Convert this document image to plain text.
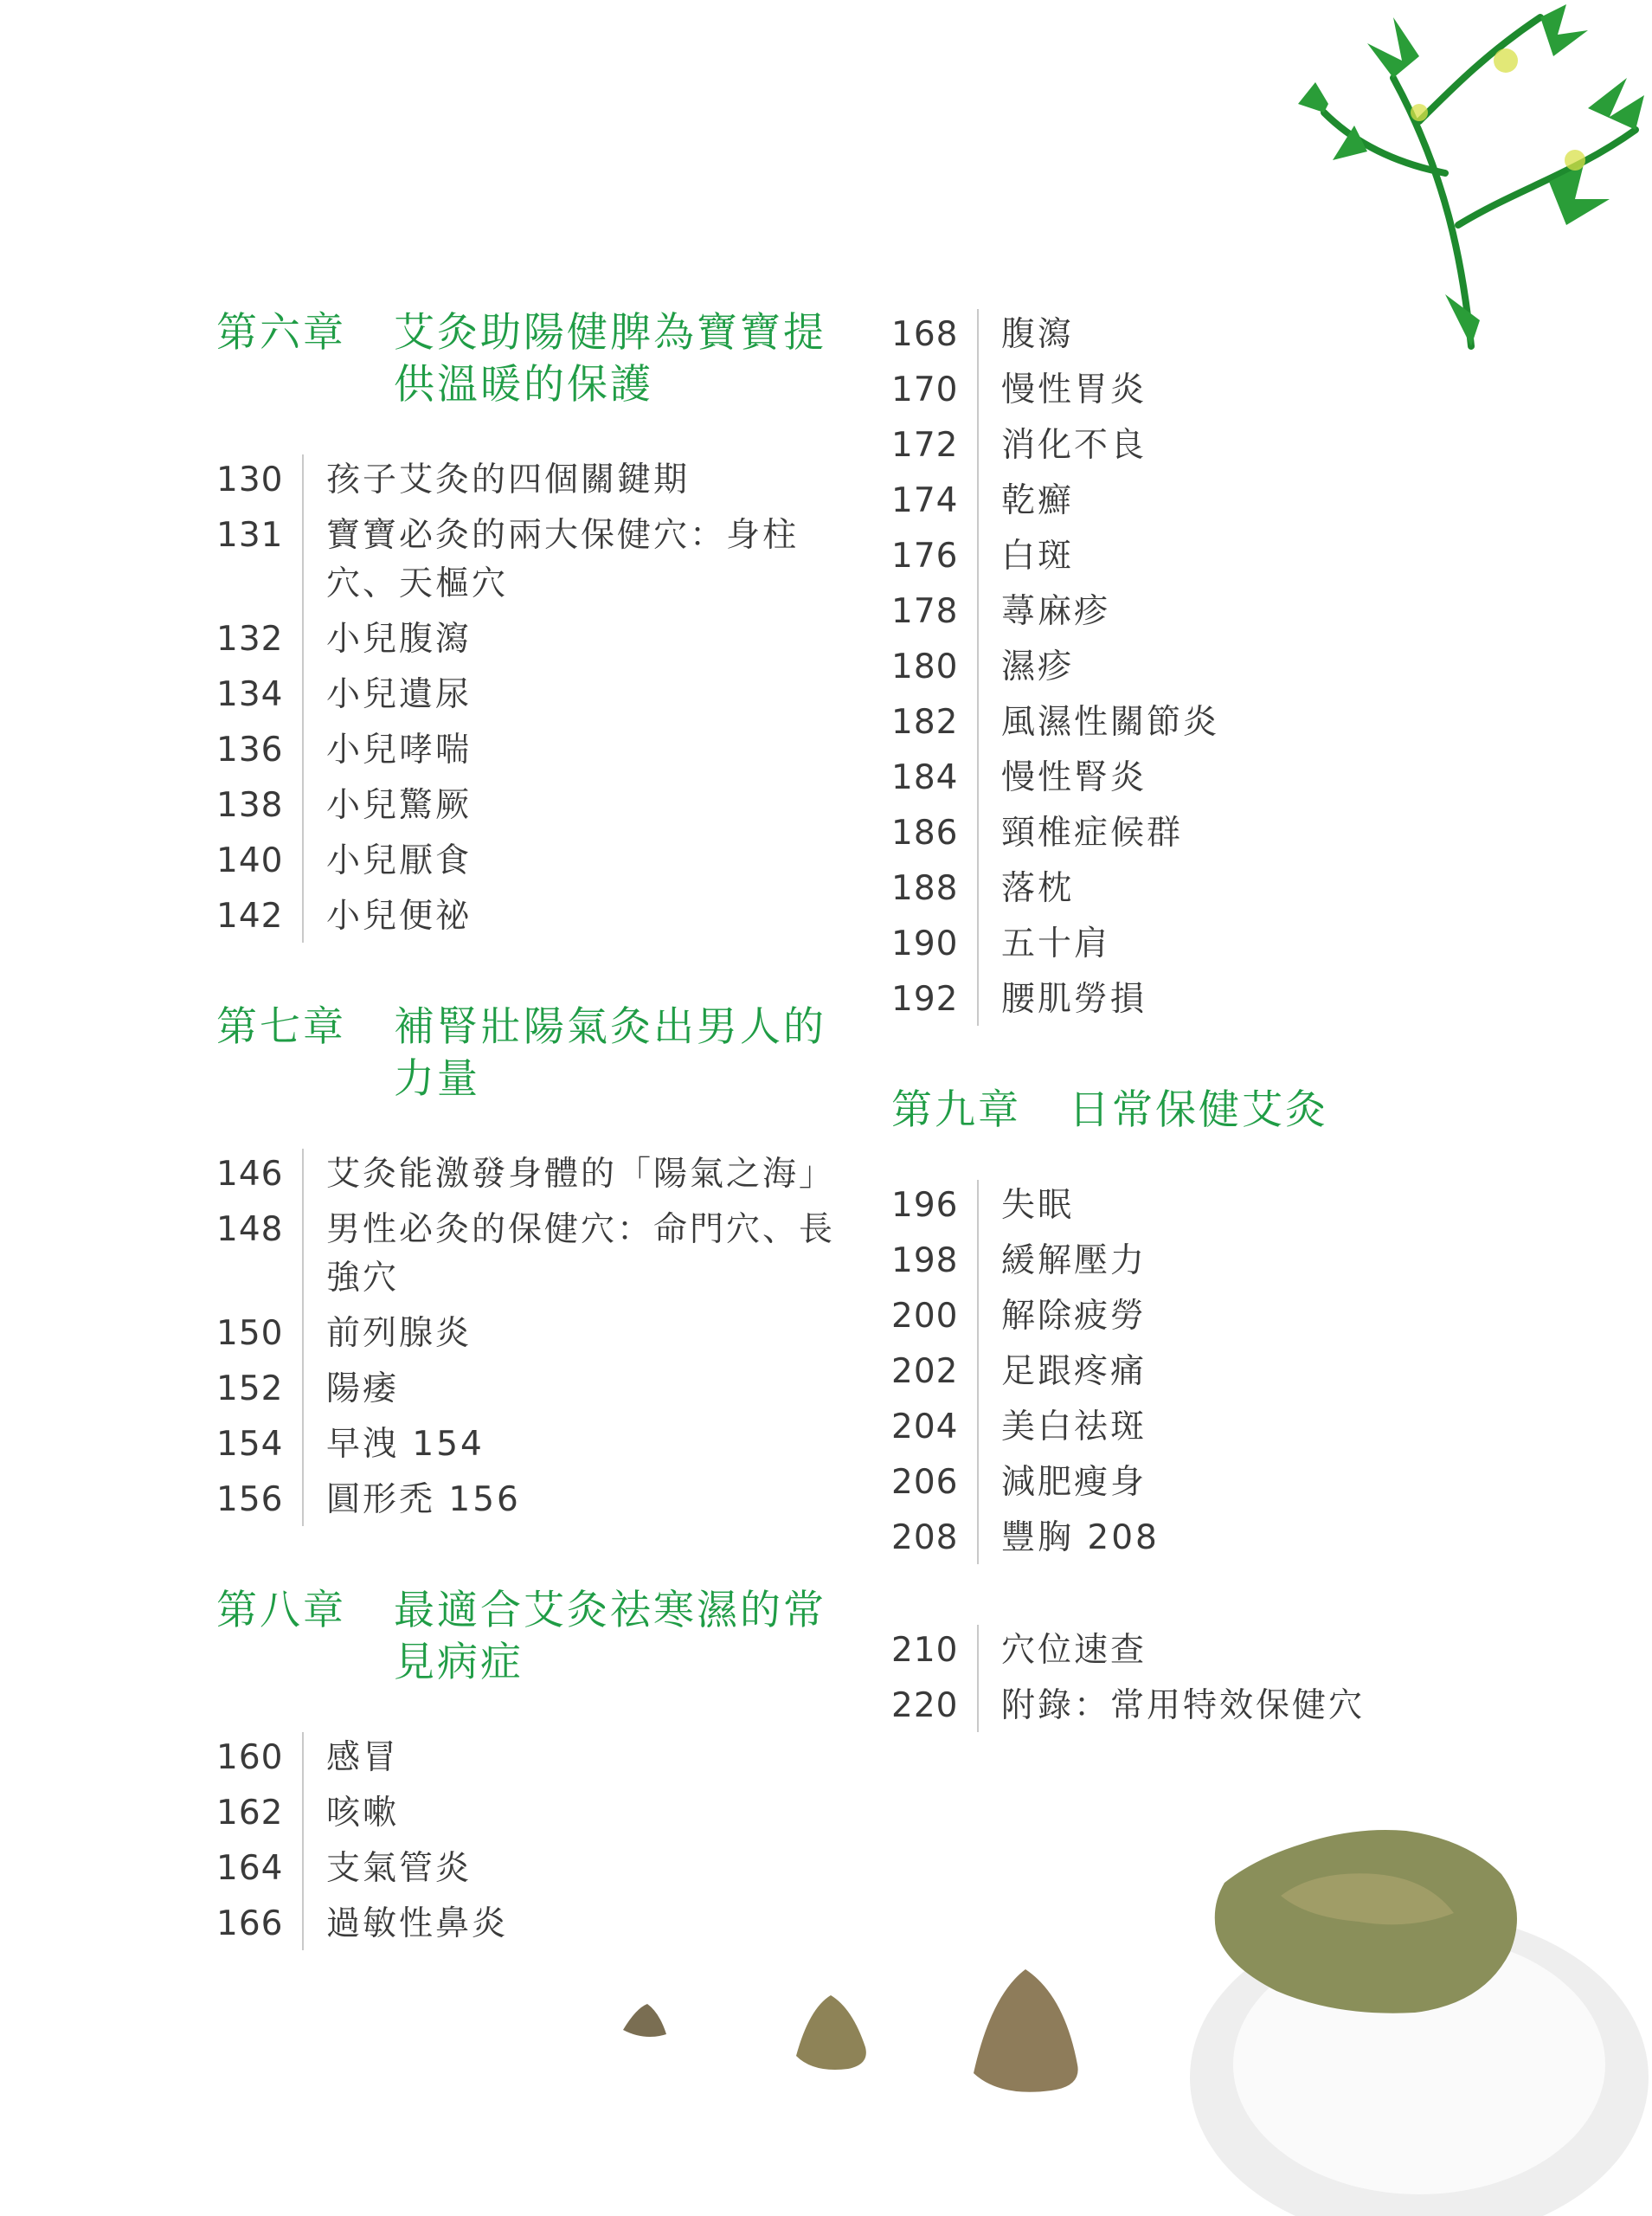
第六章	艾灸助陽健脾為寶寶提供溫暖的保護
130	孩子艾灸的四個關鍵期
131	寶寶必灸的兩大保健穴：身柱穴、天樞穴
132	小兒腹瀉
134	小兒遺尿
136	小兒哮喘
138	小兒驚厥
140	小兒厭食
142	小兒便祕
第七章	補腎壯陽氣灸出男人的力量
146	艾灸能激發身體的「陽氣之海」
148	男性必灸的保健穴：命門穴、長強穴
150	前列腺炎
152	陽痿
154	早洩 154
156	圓形禿 156
第八章	最適合艾灸祛寒濕的常見病症
160	感冒
162	咳嗽
164	支氣管炎
166	過敏性鼻炎
168	腹瀉
170	慢性胃炎
172	消化不良
174	乾癬
176	白斑
178	蕁麻疹
180	濕疹
182	風濕性關節炎
184	慢性腎炎
186	頸椎症候群
188	落枕
190	五十肩
192	腰肌勞損
第九章	日常保健艾灸
196	失眠
198	緩解壓力
200	解除疲勞
202	足跟疼痛
204	美白祛斑
206	減肥瘦身
208	豐胸 208
210	穴位速查
220	附錄：常用特效保健穴
